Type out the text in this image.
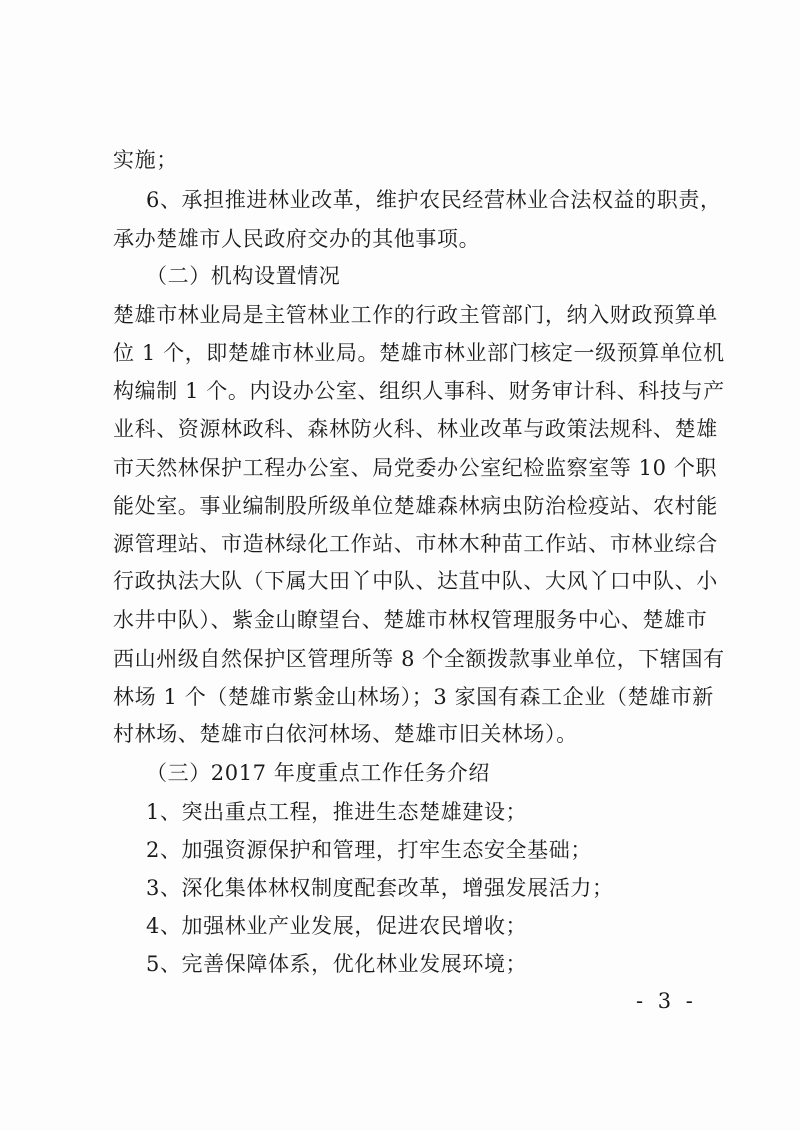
实施；
6、承担推进林业改革，维护农民经营林业合法权益的职责，
承办楚雄市人民政府交办的其他事项。
（二）机构设置情况
楚雄市林业局是主管林业工作的行政主管部门，纳入财政预算单
位 1 个，即楚雄市林业局。楚雄市林业部门核定一级预算单位机
构编制 1 个。内设办公室、组织人事科、财务审计科、科技与产
业科、资源林政科、森林防火科、林业改革与政策法规科、楚雄
市天然林保护工程办公室、局党委办公室纪检监察室等 10 个职
能处室。事业编制股所级单位楚雄森林病虫防治检疫站、农村能
源管理站、市造林绿化工作站、市林木种苗工作站、市林业综合
行政执法大队（下属大田丫中队、达苴中队、大风丫口中队、小
水井中队）、紫金山瞭望台、楚雄市林权管理服务中心、楚雄市
西山州级自然保护区管理所等 8 个全额拨款事业单位，下辖国有
林场 1 个（楚雄市紫金山林场）；3 家国有森工企业（楚雄市新
村林场、楚雄市白依河林场、楚雄市旧关林场）。
（三）2017 年度重点工作任务介绍
1、突出重点工程，推进生态楚雄建设；
2、加强资源保护和管理，打牢生态安全基础；
3、深化集体林权制度配套改革，增强发展活力；
4、加强林业产业发展，促进农民增收；
5、完善保障体系，优化林业发展环境；
- 3 -
